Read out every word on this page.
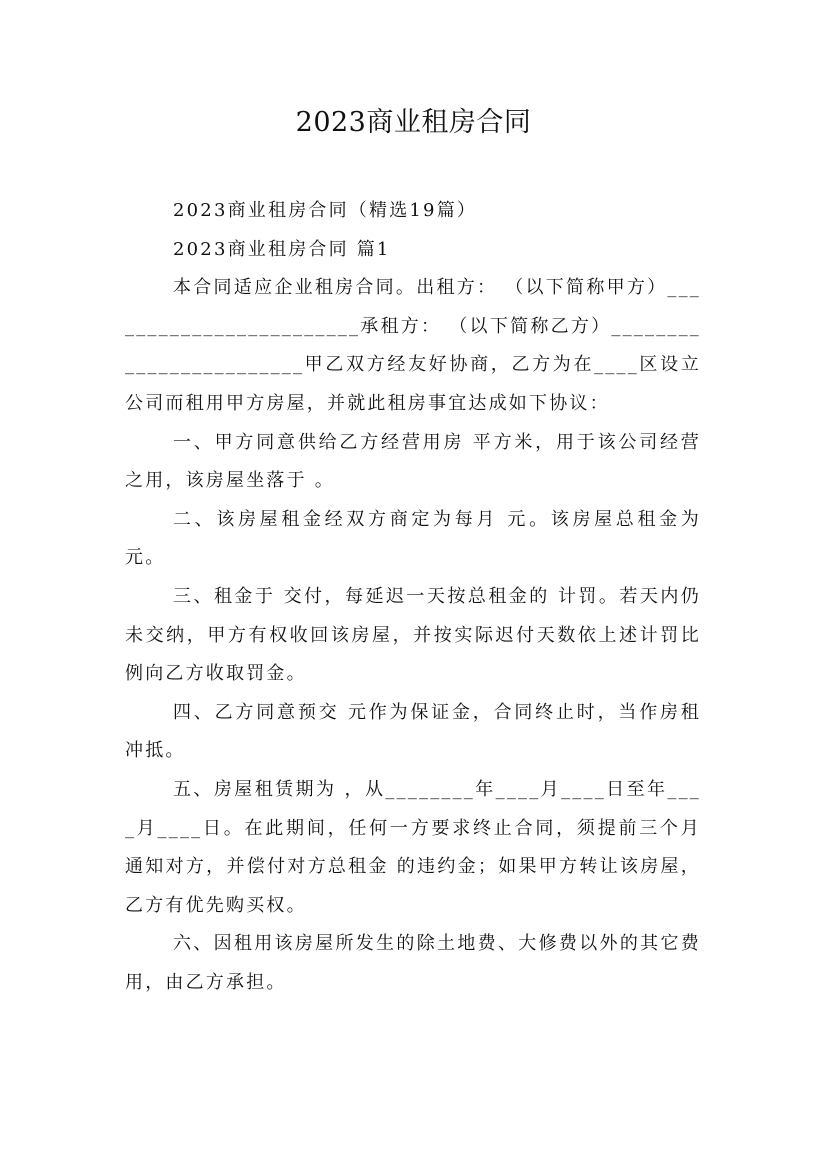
2023商业租房合同

2023商业租房合同（精选19篇）

2023商业租房合同 篇1

本合同适应企业租房合同。出租方： （以下简称甲方）________________________承租方： （以下简称乙方）________________________甲乙双方经友好协商，乙方为在____区设立 公司而租用甲方房屋，并就此租房事宜达成如下协议：

一、甲方同意供给乙方经营用房 平方米，用于该公司经营之用，该房屋坐落于 。

二、该房屋租金经双方商定为每月 元。该房屋总租金为元。

三、租金于 交付，每延迟一天按总租金的 计罚。若天内仍未交纳，甲方有权收回该房屋，并按实际迟付天数依上述计罚比例向乙方收取罚金。

四、乙方同意预交 元作为保证金，合同终止时，当作房租冲抵。

五、房屋租赁期为 ，从________年____月____日至年____月____日。在此期间，任何一方要求终止合同，须提前三个月通知对方，并偿付对方总租金 的违约金；如果甲方转让该房屋，乙方有优先购买权。

六、因租用该房屋所发生的除土地费、大修费以外的其它费用，由乙方承担。
